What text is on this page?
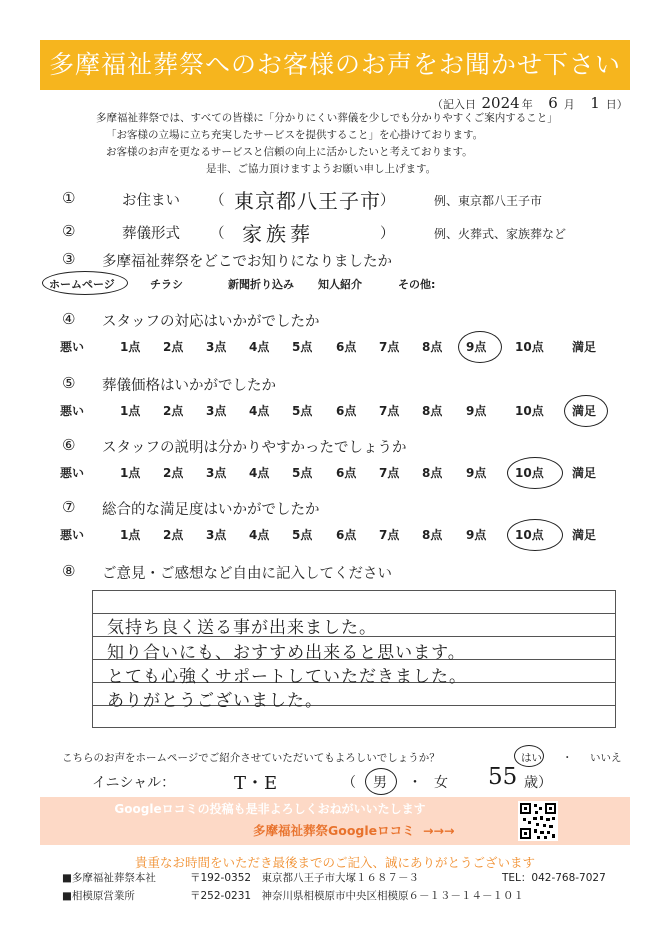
多摩福祉葬祭へのお客様のお声をお聞かせ下さい
（記入日 2024 年 6 月 1 日）
多摩福祉葬祭では、すべての皆様に「分かりにくい葬儀を少しでも分かりやすくご案内すること」
「お客様の立場に立ち充実したサービスを提供すること」を心掛けております。
お客様のお声を更なるサービスと信頼の向上に活かしたいと考えております。
是非、ご協力頂けますようお願い申し上げます。
①	お住まい （ 東京都八王子市 ）	例、東京都八王子市
②	葬儀形式 （ 家族葬	）	例、火葬式、家族葬など
③ 多摩福祉葬祭をどこでお知りになりましたか
ホームページ	チラシ	新聞折り込み 知人紹介	その他:
④ スタッフの対応はいかがでしたか
悪い	1点 2点 3点 4点 5点 6点 7点 8点 9点 10点 満足
⑤ 葬儀価格はいかがでしたか
悪い	1点 2点 3点 4点 5点 6点 7点 8点 9点 10点 満足
⑥ スタッフの説明は分かりやすかったでしょうか
悪い	1点 2点 3点 4点 5点 6点 7点 8点 9点 10点 満足
⑦ 総合的な満足度はいかがでしたか
悪い	1点 2点 3点 4点 5点 6点 7点 8点 9点 10点 満足
⑧ ご意見・ご感想など自由に記入してください
気持ち良く送る事が出来ました。
知り合いにも、おすすめ出来ると思います。
とても心強くサポートしていただきました。
ありがとうございました。
こちらのお声をホームページでご紹介させていただいてもよろしいでしょうか？	はい ・ いいえ
イニシャル：	T・E	（ 男 ・ 女 55 歳）
Googleロコミの投稿も是非よろしくおねがいいたします
多摩福祉葬祭Googleロコミ →→→
貴重なお時間をいただき最後までのご記入、誠にありがとうございます
■多摩福祉葬祭本社	〒192-0352　東京都八王子市大塚１６８７－３	TEL：042-768-7027
■相模原営業所	〒252-0231　神奈川県相模原市中央区相模原６－１３－１４－１０１
